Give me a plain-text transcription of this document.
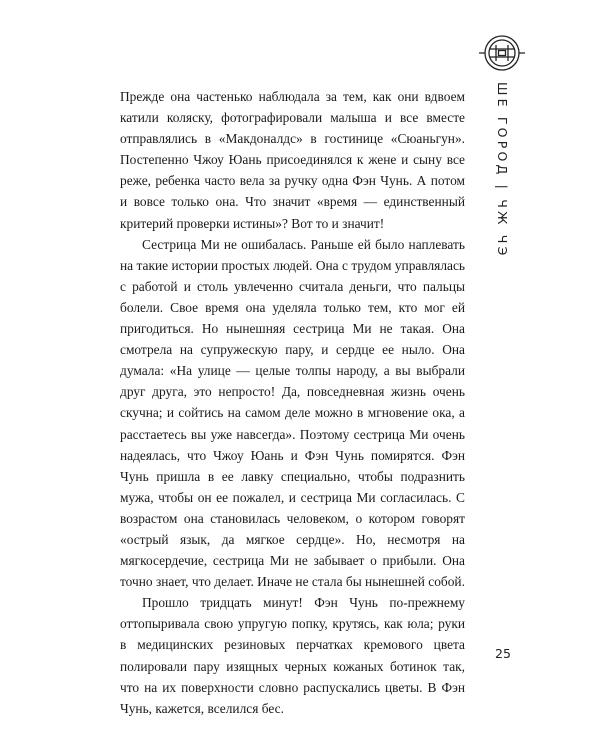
ШЕ ГОРОД | ЧЖ ЧЭ

Прежде она частенько наблюдала за тем, как они вдвоем катили коляску, фотографировали малыша и все вместе отправлялись в «Макдоналдс» в гостинице «Сюаньгун». Постепенно Чжоу Юань присоединялся к жене и сыну все реже, ребенка часто вела за ручку одна Фэн Чунь. А потом и вовсе только она. Что значит «время — единственный критерий проверки истины»? Вот то и значит!

Сестрица Ми не ошибалась. Раньше ей было наплевать на такие истории простых людей. Она с трудом управлялась с работой и столь увлеченно считала деньги, что пальцы болели. Свое время она уделяла только тем, кто мог ей пригодиться. Но нынешняя сестрица Ми не такая. Она смотрела на супружескую пару, и сердце ее ныло. Она думала: «На улице — целые толпы народу, а вы выбрали друг друга, это непросто! Да, повседневная жизнь очень скучна; и сойтись на самом деле можно в мгновение ока, а расстаетесь вы уже навсегда». Поэтому сестрица Ми очень надеялась, что Чжоу Юань и Фэн Чунь помирятся. Фэн Чунь пришла в ее лавку специально, чтобы подразнить мужа, чтобы он ее пожалел, и сестрица Ми согласилась. С возрастом она становилась человеком, о котором говорят «острый язык, да мягкое сердце». Но, несмотря на мягкосердечие, сестрица Ми не забывает о прибыли. Она точно знает, что делает. Иначе не стала бы нынешней собой.

Прошло тридцать минут! Фэн Чунь по-прежнему оттопыривала свою упругую попку, крутясь, как юла; руки в медицинских резиновых перчатках кремового цвета полировали пару изящных черных кожаных ботинок так, что на их поверхности словно распускались цветы. В Фэн Чунь, кажется, вселился бес.

25
